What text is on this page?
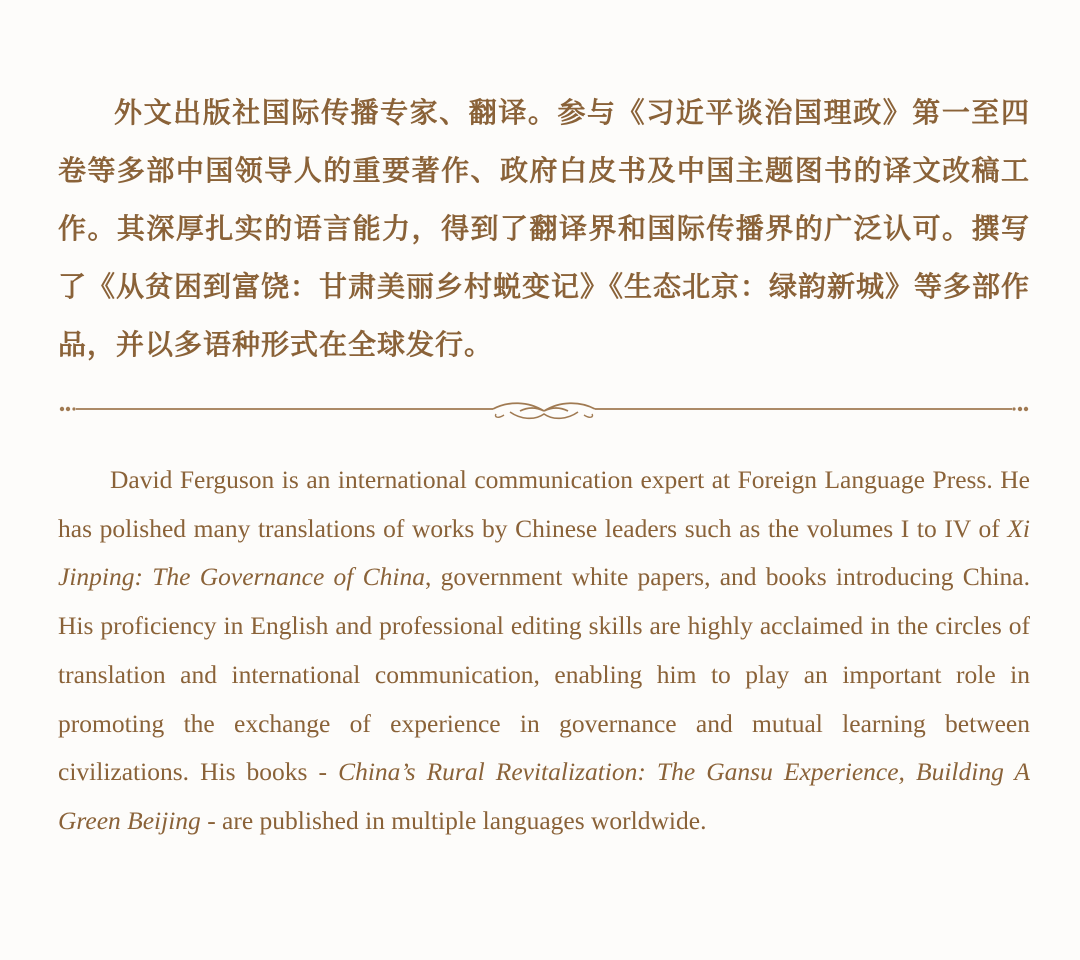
外文出版社国际传播专家、翻译。参与《习近平谈治国理政》第一至四卷等多部中国领导人的重要著作、政府白皮书及中国主题图书的译文改稿工作。其深厚扎实的语言能力，得到了翻译界和国际传播界的广泛认可。撰写了《从贫困到富饶：甘肃美丽乡村蜕变记》《生态北京：绿韵新城》等多部作品，并以多语种形式在全球发行。

David Ferguson is an international communication expert at Foreign Language Press. He has polished many translations of works by Chinese leaders such as the volumes I to IV of Xi Jinping: The Governance of China, government white papers, and books introducing China. His proficiency in English and professional editing skills are highly acclaimed in the circles of translation and international communication, enabling him to play an important role in promoting the exchange of experience in governance and mutual learning between civilizations. His books - China’s Rural Revitalization: The Gansu Experience, Building A Green Beijing - are published in multiple languages worldwide.
